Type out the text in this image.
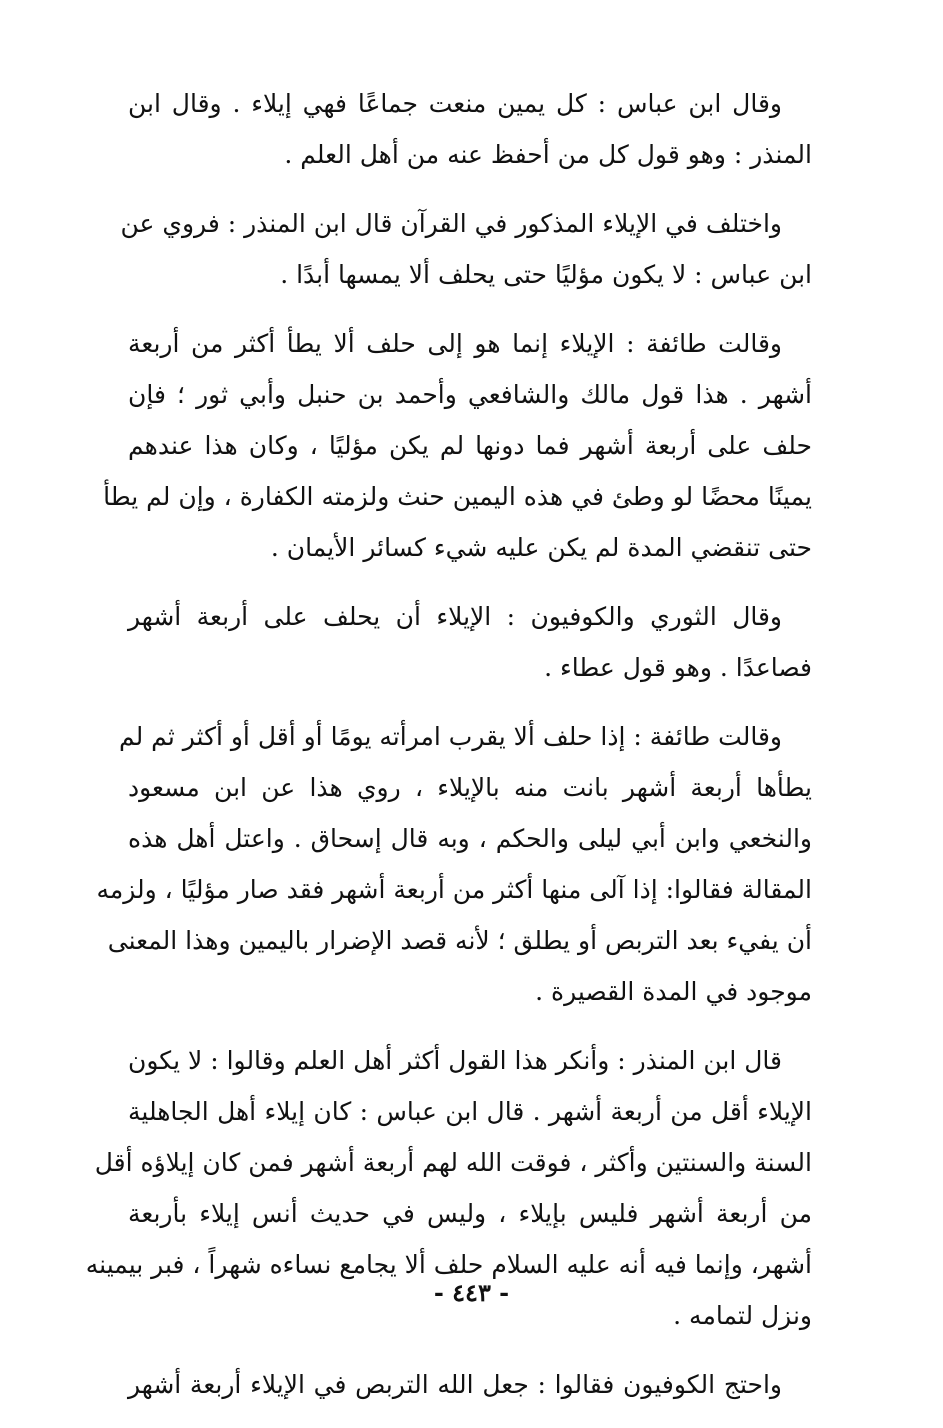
وقال ابن عباس : كل يمين منعت جماعًا فهي إيلاء . وقال ابن
المنذر : وهو قول كل من أحفظ عنه من أهل العلم .
واختلف في الإيلاء المذكور في القرآن قال ابن المنذر : فروي عن
ابن عباس : لا يكون مؤليًا حتى يحلف ألا يمسها أبدًا .
وقالت طائفة : الإيلاء إنما هو إلى حلف ألا يطأ أكثر من أربعة
أشهر . هذا قول مالك والشافعي وأحمد بن حنبل وأبي ثور ؛ فإن
حلف على أربعة أشهر فما دونها لم يكن مؤليًا ، وكان هذا عندهم
يمينًا محضًا لو وطئ في هذه اليمين حنث ولزمته الكفارة ، وإن لم يطأ
حتى تنقضي المدة لم يكن عليه شيء كسائر الأيمان .
وقال الثوري والكوفيون : الإيلاء أن يحلف على أربعة أشهر
فصاعدًا . وهو قول عطاء .
وقالت طائفة : إذا حلف ألا يقرب امرأته يومًا أو أقل أو أكثر ثم لم
يطأها أربعة أشهر بانت منه بالإيلاء ، روي هذا عن ابن مسعود
والنخعي وابن أبي ليلى والحكم ، وبه قال إسحاق . واعتل أهل هذه
المقالة فقالوا: إذا آلى منها أكثر من أربعة أشهر فقد صار مؤليًا ، ولزمه
أن يفيء بعد التربص أو يطلق ؛ لأنه قصد الإضرار باليمين وهذا المعنى
موجود في المدة القصيرة .
قال ابن المنذر : وأنكر هذا القول أكثر أهل العلم وقالوا : لا يكون
الإيلاء أقل من أربعة أشهر . قال ابن عباس : كان إيلاء أهل الجاهلية
السنة والسنتين وأكثر ، فوقت الله لهم أربعة أشهر فمن كان إيلاؤه أقل
من أربعة أشهر فليس بإيلاء ، وليس في حديث أنس إيلاء بأربعة
أشهر، وإنما فيه أنه عليه السلام حلف ألا يجامع نساءه شهراً ، فبر بيمينه
ونزل لتمامه .
واحتج الكوفيون فقالوا : جعل الله التربص في الإيلاء أربعة أشهر
- ٤٤٣ -
